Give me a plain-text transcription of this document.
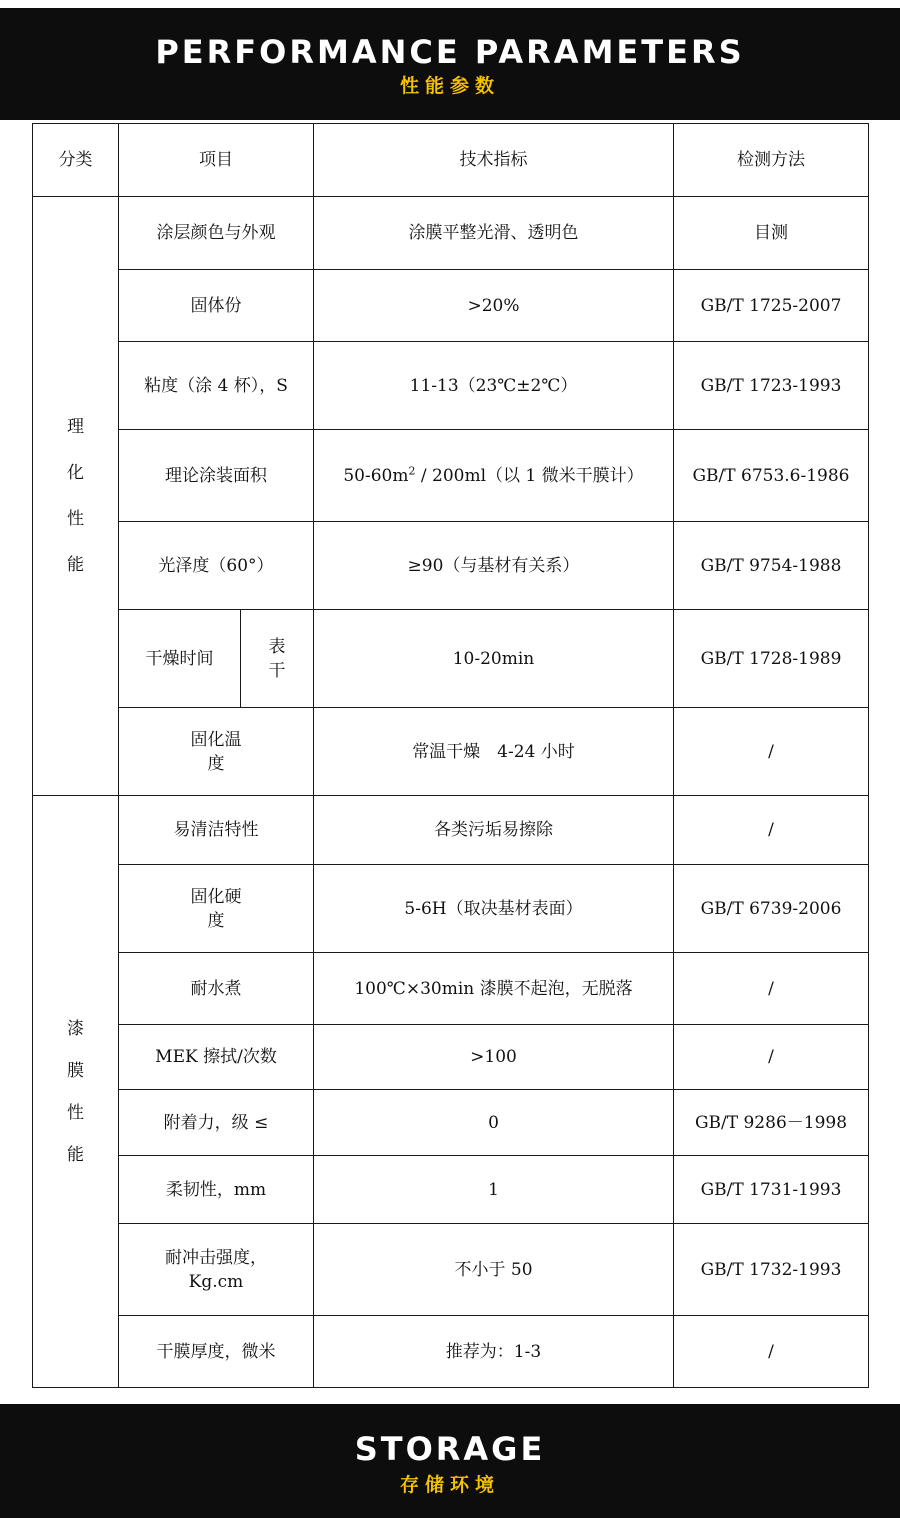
PERFORMANCE PARAMETERS
性能参数
分类	项目		技术指标	检测方法

理
化
性
能	涂层颜色与外观		涂膜平整光滑、透明色	目测
	固体份		>20%	GB/T 1725-2007
	粘度（涂 4 杯），S		11-13（23℃±2℃）	GB/T 1723-1993
	理论涂装面积		$50-60m^2 / 200ml$（以 1 微米干膜计）	GB/T 6753.6-1986
	光泽度（60°）		≥90（与基材有关系）	GB/T 9754-1988
	干燥时间	表
干	10-20min	GB/T 1728-1989

	固化温
度		常温干燥　4-24 小时	/

漆
膜
性
能	易清洁特性		各类污垢易擦除	/

	固化硬
度		5-6H（取决基材表面）	GB/T 6739-2006
	耐水煮		100℃×30min 漆膜不起泡，无脱落	/
	MEK 擦拭/次数		>100	/
	附着力，级 ≤		0	GB/T 9286－1998
	柔韧性，mm		1	GB/T 1731-1993

	耐冲击强度，
Kg.cm		不小于 50	GB/T 1732-1993
	干膜厚度，微米		推荐为：1-3	/
STORAGE
存储环境
